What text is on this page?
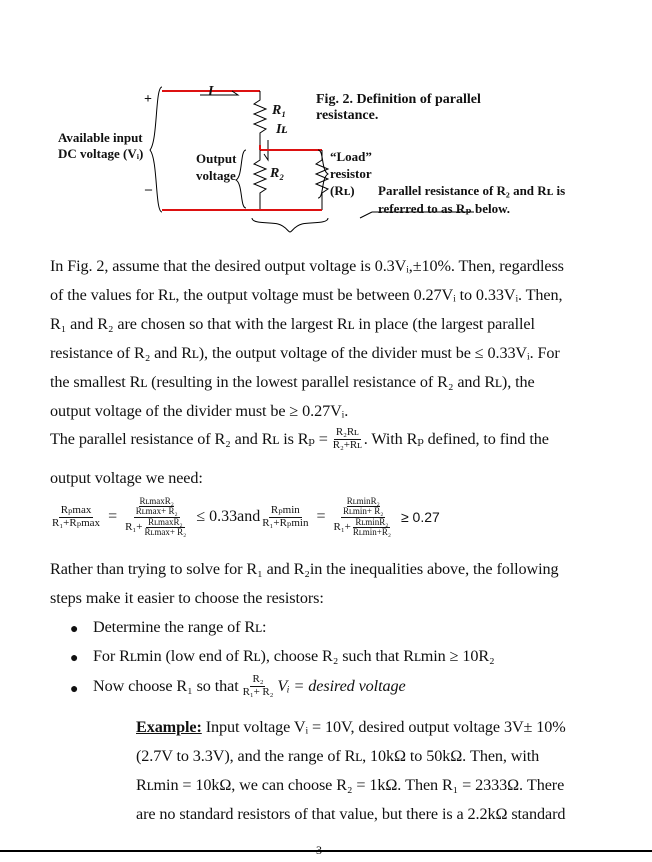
Fig. 2. Definition of parallel
resistance.
+
–
Available input
DC voltage (Vᵢ)
I
R₁
Iʟ
Output
voltage R₂
“Load”
resistor
(Rʟ)	Parallel resistance of R₂ and Rʟ is
referred to as Rₚ below.
In Fig. 2, assume that the desired output voltage is 0.3Vᵢ,±10%. Then, regardless
of the values for Rʟ, the output voltage must be between 0.27Vᵢ to 0.33Vᵢ. Then,
R₁ and R₂ are chosen so that with the largest Rʟ in place (the largest parallel
resistance of R₂ and Rʟ), the output voltage of the divider must be ≤ 0.33Vᵢ. For
the smallest Rʟ (resulting in the lowest parallel resistance of R₂ and Rʟ), the
output voltage of the divider must be ≥ 0.27Vᵢ.
The parallel resistance of R₂ and Rʟ is $R_p = \frac{\text{R₂Rʟ}}{\text{R₂+Rʟ}}$ . With Rₚ defined, to find the
output voltage we need:
$\frac{\text{Rₚmax}}{\text{R₁+Rₚmax}}$ = RʟmaxR₂
Rʟmax+ R₂
$R_1+ \frac{\text{RʟmaxR₂}}{\text{Rʟmax+ R₂}} \le 0.33and \frac{\text{Rₚmin}}{\text{R₁+Rₚmin}}$ = RʟminR₂
Rʟmin+ R₂
$R_1+ \frac{\text{RʟminR₂}}{\text{Rʟmin+R₂}} \ge 0.27$
Rather than trying to solve for R₁ and R₂in the inequalities above, the following
steps make it easier to choose the resistors:
● Determine the range of Rʟ:
● For Rʟmin (low end of Rʟ), choose R₂ such that Rʟmin ≥ 10R₂
● Now choose R₁ so that $\frac{\text{R₂}}{\text{R₁+ R₂}}$ Vᵢ = desired voltage
Example: Input voltage Vᵢ = 10V, desired output voltage 3V± 10%
(2.7V to 3.3V), and the range of Rʟ, 10kΩ to 50kΩ. Then, with
Rʟmin = 10kΩ, we can choose R₂ = 1kΩ. Then R₁ = 2333Ω. There
are no standard resistors of that value, but there is a 2.2kΩ standard
3
